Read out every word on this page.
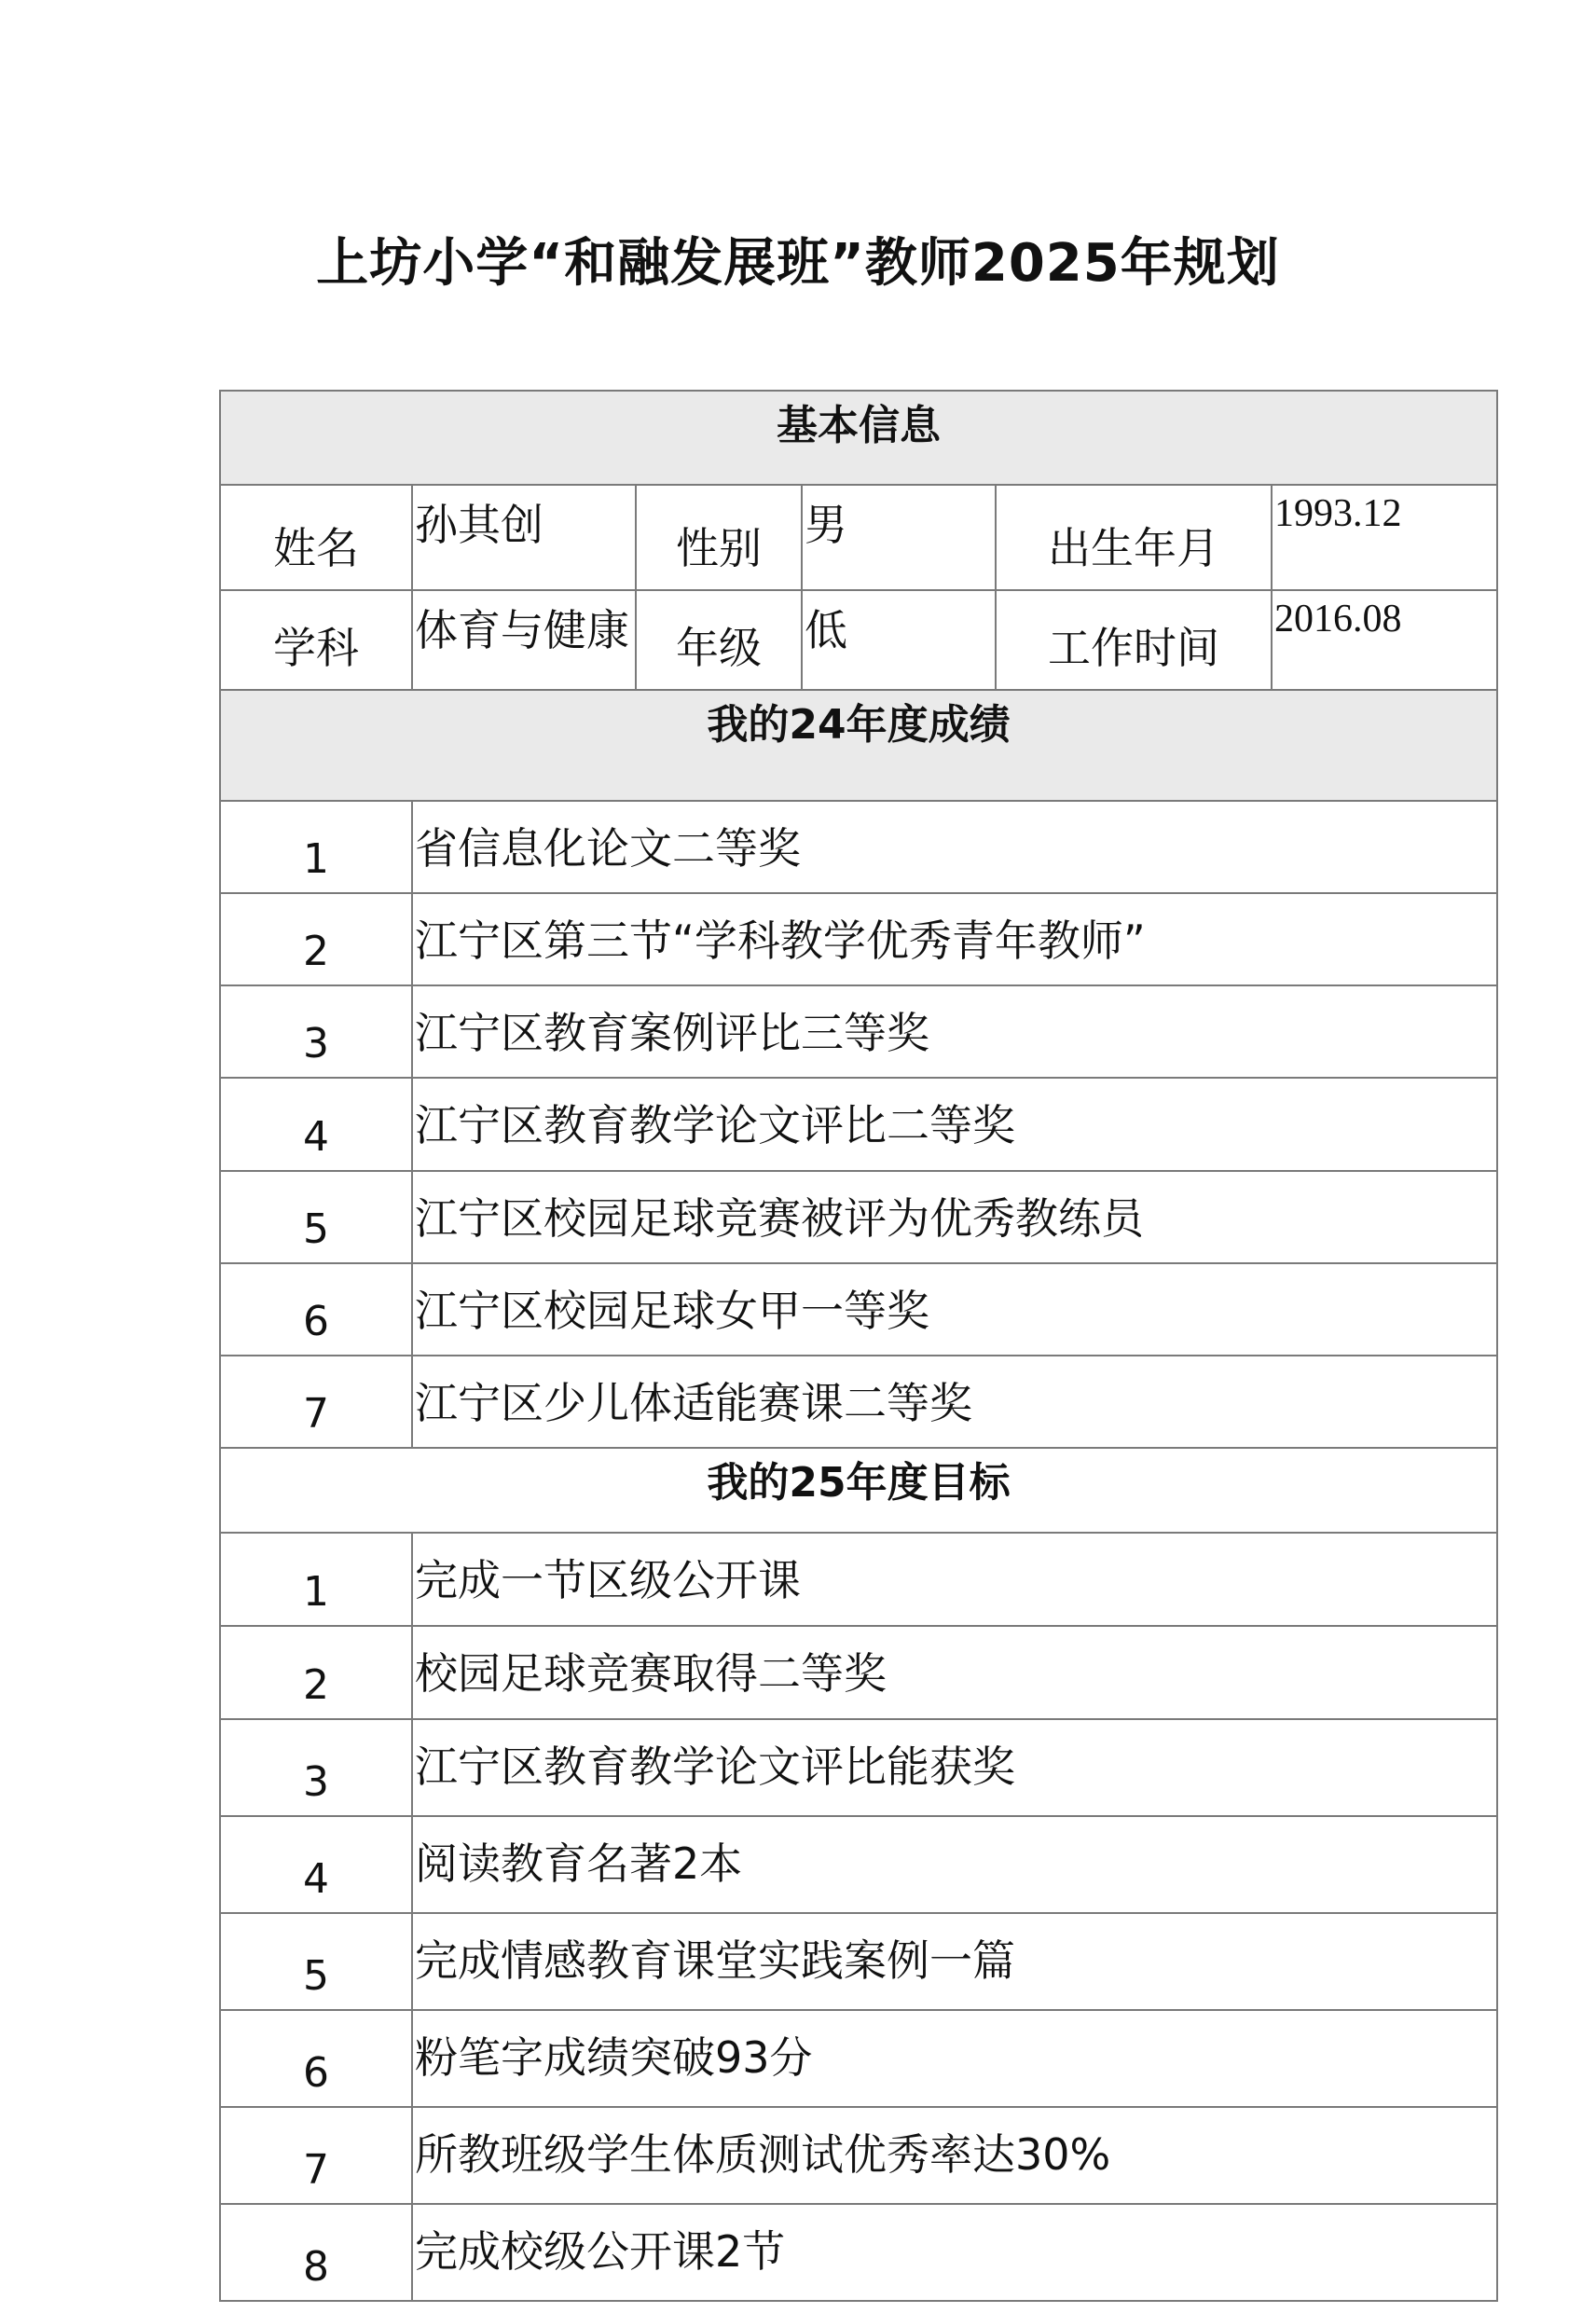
上坊小学“和融发展班”教师2025年规划
基本信息					
姓名	孙其创	性别	男	出生年月	1993.12
学科	体育与健康	年级	低	工作时间	2016.08
我的24年度成绩					
1	省信息化论文二等奖				
2	江宁区第三节“学科教学优秀青年教师”				
3	江宁区教育案例评比三等奖				
4	江宁区教育教学论文评比二等奖				
5	江宁区校园足球竞赛被评为优秀教练员				
6	江宁区校园足球女甲一等奖				
7	江宁区少儿体适能赛课二等奖				
我的25年度目标					
1	完成一节区级公开课				
2	校园足球竞赛取得二等奖				
3	江宁区教育教学论文评比能获奖				
4	阅读教育名著2本				
5	完成情感教育课堂实践案例一篇				
6	粉笔字成绩突破93分				
7	所教班级学生体质测试优秀率达30%				
8	完成校级公开课2节				
